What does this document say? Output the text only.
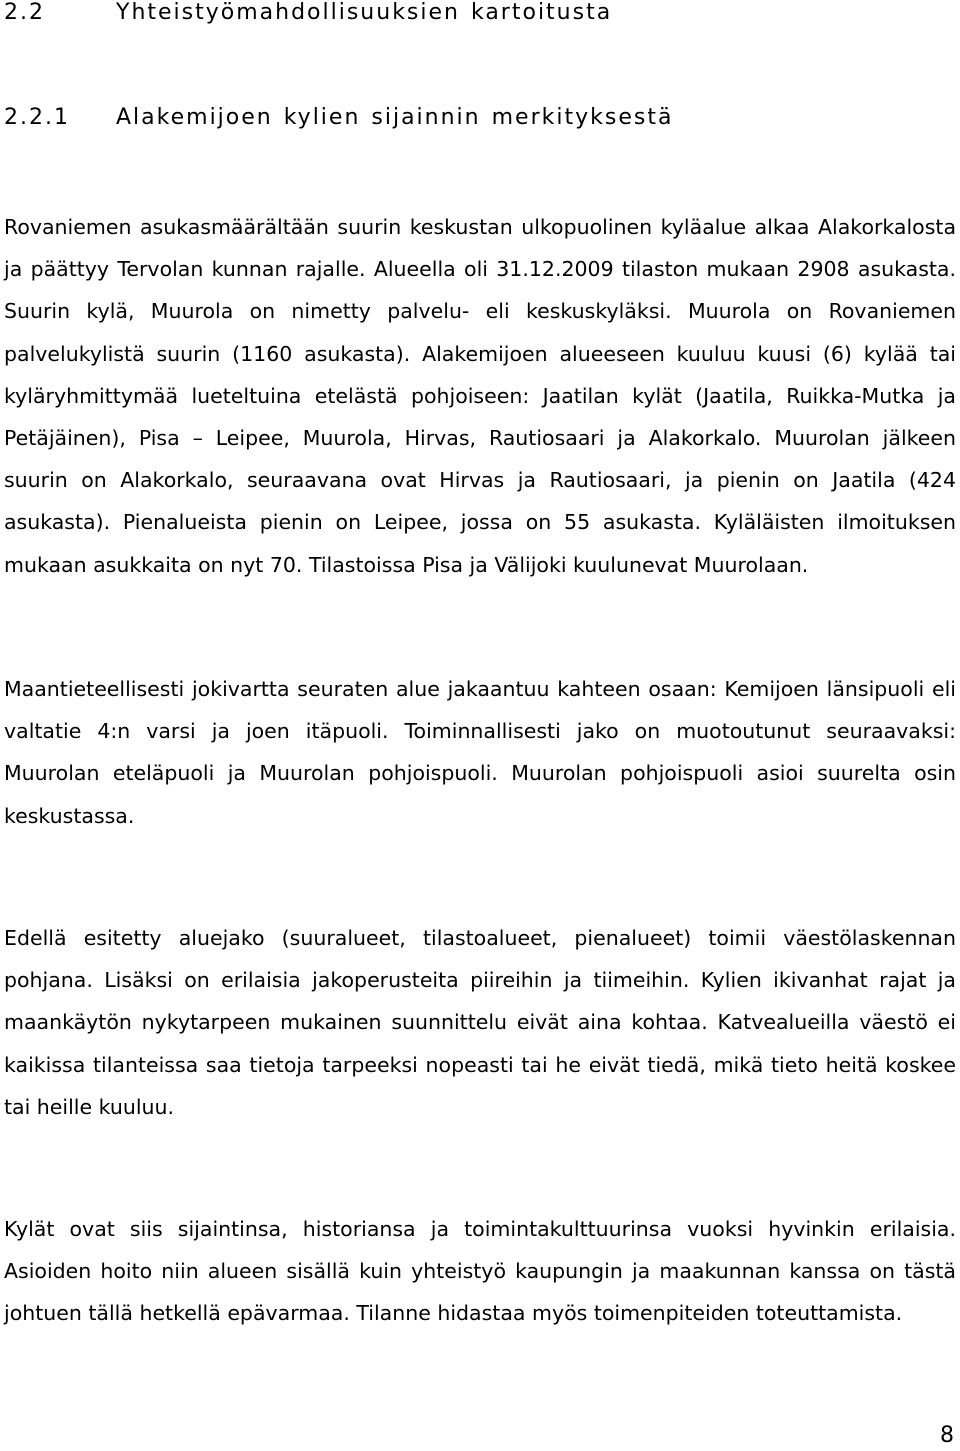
2.2	Yhteistyömahdollisuuksien kartoitusta
2.2.1 Alakemijoen kylien sijainnin merkityksestä

Rovaniemen asukasmäärältään suurin keskustan ulkopuolinen kyläalue alkaa Alakorkalosta ja päättyy Tervolan kunnan rajalle. Alueella oli 31.12.2009 tilaston mukaan 2908 asukasta. Suurin kylä, Muurola on nimetty palvelu- eli keskuskyläksi. Muurola on Rovaniemen palvelukylistä suurin (1160 asukasta). Alakemijoen alueeseen kuuluu kuusi (6) kylää tai kyläryhmittymää lueteltuina etelästä pohjoiseen: Jaatilan kylät (Jaatila, Ruikka-Mutka ja Petäjäinen), Pisa – Leipee, Muurola, Hirvas, Rautiosaari ja Alakorkalo. Muurolan jälkeen suurin on Alakorkalo, seuraavana ovat Hirvas ja Rautiosaari, ja pienin on Jaatila (424 asukasta). Pienalueista pienin on Leipee, jossa on 55 asukasta. Kyläläisten ilmoituksen mukaan asukkaita on nyt 70. Tilastoissa Pisa ja Välijoki kuulunevat Muurolaan.

Maantieteellisesti jokivartta seuraten alue jakaantuu kahteen osaan: Kemijoen länsipuoli eli valtatie 4:n varsi ja joen itäpuoli. Toiminnallisesti jako on muotoutunut seuraavaksi: Muurolan eteläpuoli ja Muurolan pohjoispuoli. Muurolan pohjoispuoli asioi suurelta osin keskustassa.

Edellä esitetty aluejako (suuralueet, tilastoalueet, pienalueet) toimii väestölaskennan pohjana. Lisäksi on erilaisia jakoperusteita piireihin ja tiimeihin. Kylien ikivanhat rajat ja maankäytön nykytarpeen mukainen suunnittelu eivät aina kohtaa. Katvealueilla väestö ei kaikissa tilanteissa saa tietoja tarpeeksi nopeasti tai he eivät tiedä, mikä tieto heitä koskee tai heille kuuluu.

Kylät ovat siis sijaintinsa, historiansa ja toimintakulttuurinsa vuoksi hyvinkin erilaisia. Asioiden hoito niin alueen sisällä kuin yhteistyö kaupungin ja maakunnan kanssa on tästä johtuen tällä hetkellä epävarmaa. Tilanne hidastaa myös toimenpiteiden toteuttamista.

8
